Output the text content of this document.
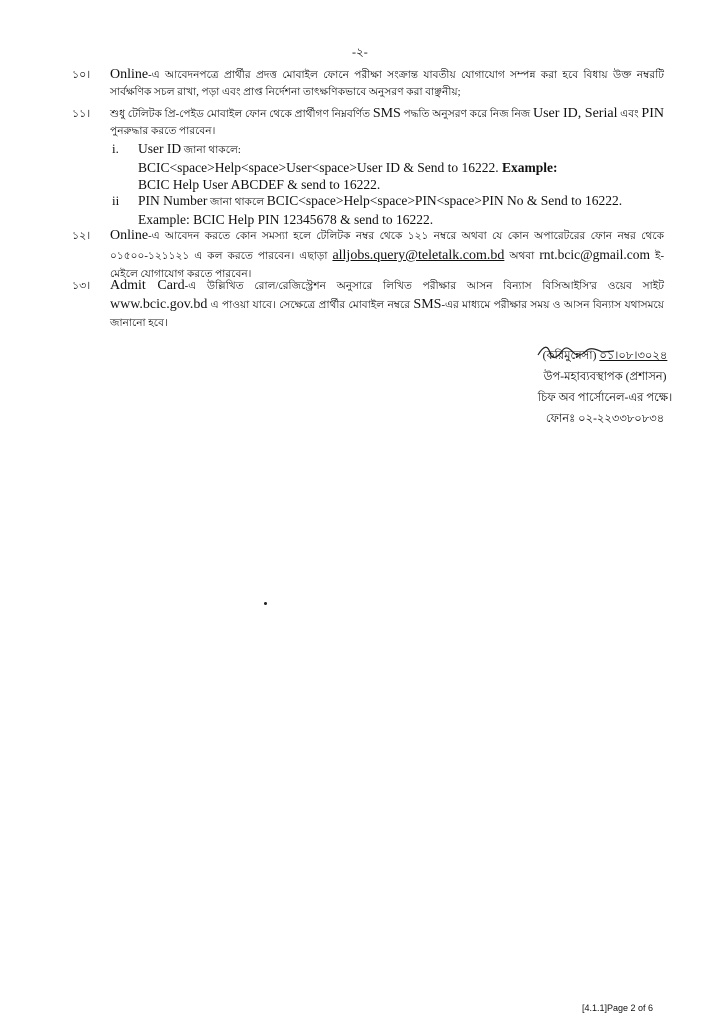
-২-
১০।	Online-এ আবেদনপত্রে প্রার্থীর প্রদত্ত মোবাইল ফোনে পরীক্ষা সংক্রান্ত যাবতীয় যোগাযোগ সম্পন্ন করা হবে বিধায় উক্ত নম্বরটি সার্বক্ষণিক সচল রাখা, পড়া এবং প্রাপ্ত নির্দেশনা তাৎক্ষণিকভাবে অনুসরণ করা বাঞ্ছনীয়;
১১।	শুধু টেলিটক প্রি-পেইড মোবাইল ফোন থেকে প্রার্থীগণ নিম্নবর্ণিত SMS পদ্ধতি অনুসরণ করে নিজ নিজ User ID, Serial এবং PIN পুনরুদ্ধার করতে পারবেন।
i. User ID জানা থাকলে:
BCIC<space>Help<space>User<space>User ID & Send to 16222. Example:
BCIC Help User ABCDEF & send to 16222.
ii PIN Number জানা থাকলে BCIC<space>Help<space>PIN<space>PIN No & Send to 16222. Example: BCIC Help PIN 12345678 & send to 16222.
১২।	Online-এ আবেদন করতে কোন সমস্যা হলে টেলিটক নম্বর থেকে ১২১ নম্বরে অথবা যে কোন অপারেটরের ফোন নম্বর থেকে ০১৫০০-১২১১২১ এ কল করতে পারবেন। এছাড়া alljobs.query@teletalk.com.bd অথবা rnt.bcic@gmail.com ই-মেইলে যোগাযোগ করতে পারবেন।
১৩।	Admit Card-এ উল্লিখিত রোল/রেজিস্ট্রেশন অনুসারে লিখিত পরীক্ষার আসন বিন্যাস বিসিআইসি'র ওয়েব সাইট www.bcic.gov.bd এ পাওয়া যাবে। সেক্ষেত্রে প্রার্থীর মোবাইল নম্বরে SMS-এর মাধ্যমে পরীক্ষার সময় ও আসন বিন্যাস যথাসময়ে জানানো হবে।
(করিমুন্নেসা) ০১।০৮।৩০২৪
উপ-মহাব্যবস্থাপক (প্রশাসন)
চিফ অব পার্সোনেল-এর পক্ষে।
ফোনঃ ০২-২২৩৩৮০৮৩৪
[4.1.1]Page 2 of 6
